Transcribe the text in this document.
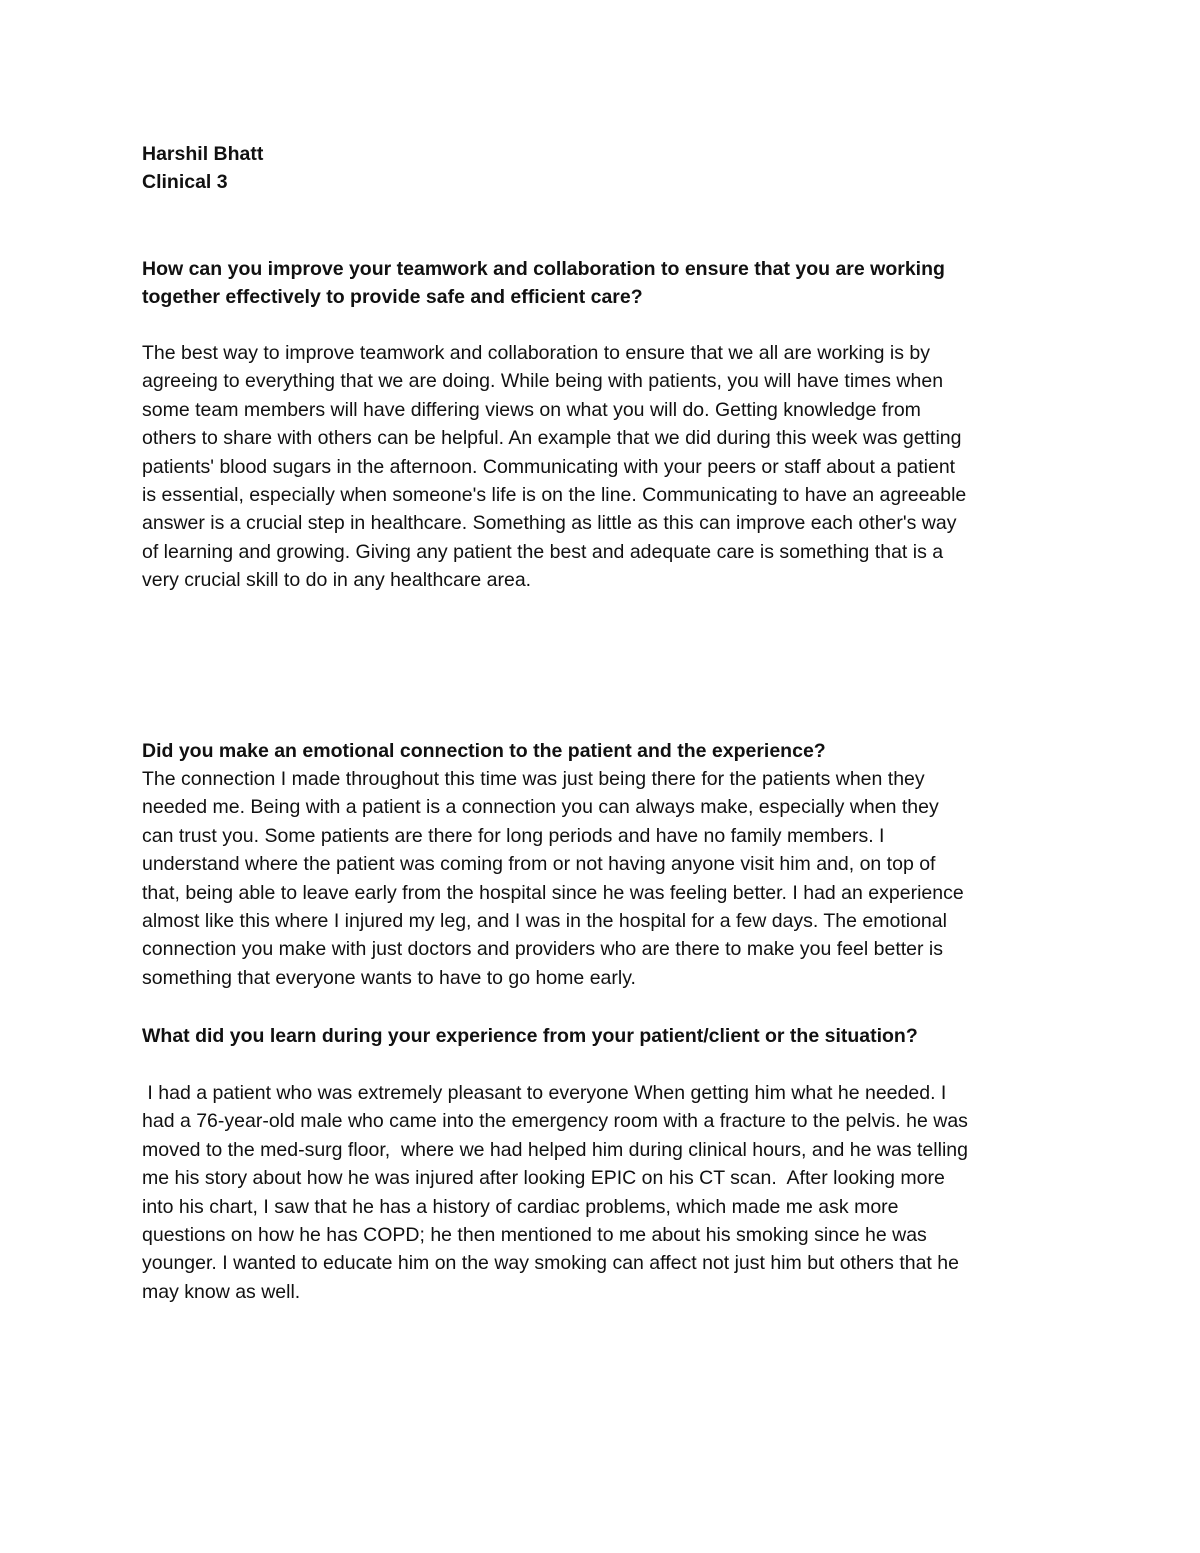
Harshil Bhatt
Clinical 3
How can you improve your teamwork and collaboration to ensure that you are working
together effectively to provide safe and efficient care?
The best way to improve teamwork and collaboration to ensure that we all are working is by
agreeing to everything that we are doing. While being with patients, you will have times when
some team members will have differing views on what you will do. Getting knowledge from
others to share with others can be helpful. An example that we did during this week was getting
patients' blood sugars in the afternoon. Communicating with your peers or staff about a patient
is essential, especially when someone's life is on the line. Communicating to have an agreeable
answer is a crucial step in healthcare. Something as little as this can improve each other's way
of learning and growing. Giving any patient the best and adequate care is something that is a
very crucial skill to do in any healthcare area.
Did you make an emotional connection to the patient and the experience?
The connection I made throughout this time was just being there for the patients when they
needed me. Being with a patient is a connection you can always make, especially when they
can trust you. Some patients are there for long periods and have no family members. I
understand where the patient was coming from or not having anyone visit him and, on top of
that, being able to leave early from the hospital since he was feeling better. I had an experience
almost like this where I injured my leg, and I was in the hospital for a few days. The emotional
connection you make with just doctors and providers who are there to make you feel better is
something that everyone wants to have to go home early.
What did you learn during your experience from your patient/client or the situation?
I had a patient who was extremely pleasant to everyone When getting him what he needed. I
had a 76-year-old male who came into the emergency room with a fracture to the pelvis. he was
moved to the med-surg floor,  where we had helped him during clinical hours, and he was telling
me his story about how he was injured after looking EPIC on his CT scan.  After looking more
into his chart, I saw that he has a history of cardiac problems, which made me ask more
questions on how he has COPD; he then mentioned to me about his smoking since he was
younger. I wanted to educate him on the way smoking can affect not just him but others that he
may know as well.
